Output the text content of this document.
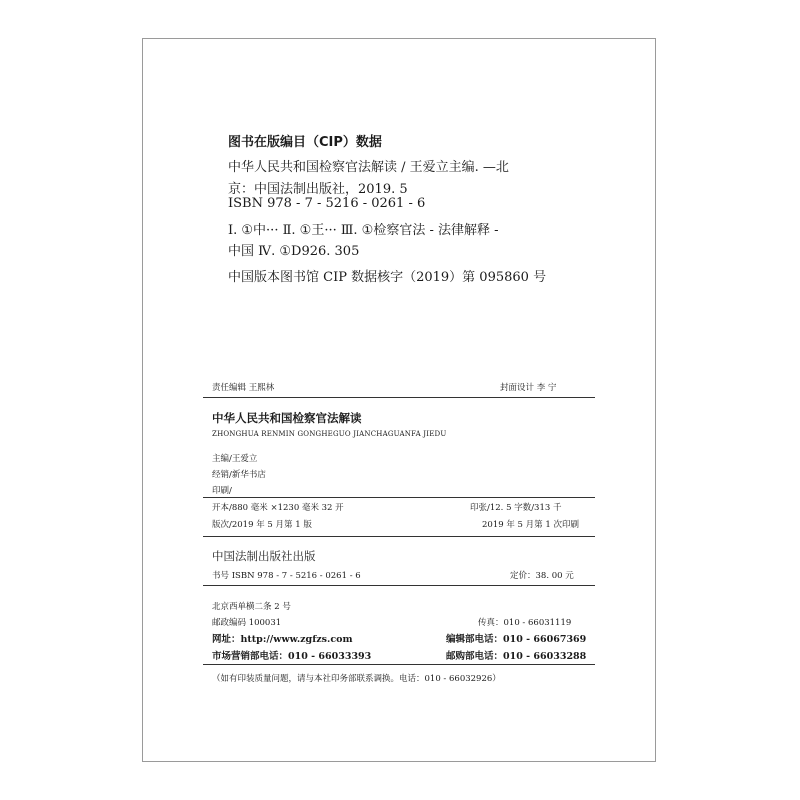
图书在版编目（CIP）数据
中华人民共和国检察官法解读 / 王爱立主编. —北
京：中国法制出版社，2019. 5
ISBN 978 - 7 - 5216 - 0261 - 6
Ⅰ. ①中··· Ⅱ. ①王··· Ⅲ. ①检察官法 - 法律解释 -
中国 Ⅳ. ①D926. 305
中国版本图书馆 CIP 数据核字（2019）第 095860 号
责任编辑 王熙林	封面设计 李 宁
中华人民共和国检察官法解读
ZHONGHUA RENMIN GONGHEGUO JIANCHAGUANFA JIEDU
主编/王爱立
经销/新华书店
印刷/
开本/880 毫米 ×1230 毫米 32 开	印张/12. 5 字数/313 千
版次/2019 年 5 月第 1 版	2019 年 5 月第 1 次印刷
中国法制出版社出版
书号 ISBN 978 - 7 - 5216 - 0261 - 6	定价：38. 00 元
北京西单横二条 2 号
邮政编码 100031	传真：010 - 66031119
网址：http://www.zgfzs.com	编辑部电话：010 - 66067369
市场营销部电话：010 - 66033393	邮购部电话：010 - 66033288
（如有印装质量问题，请与本社印务部联系调换。电话：010 - 66032926）
